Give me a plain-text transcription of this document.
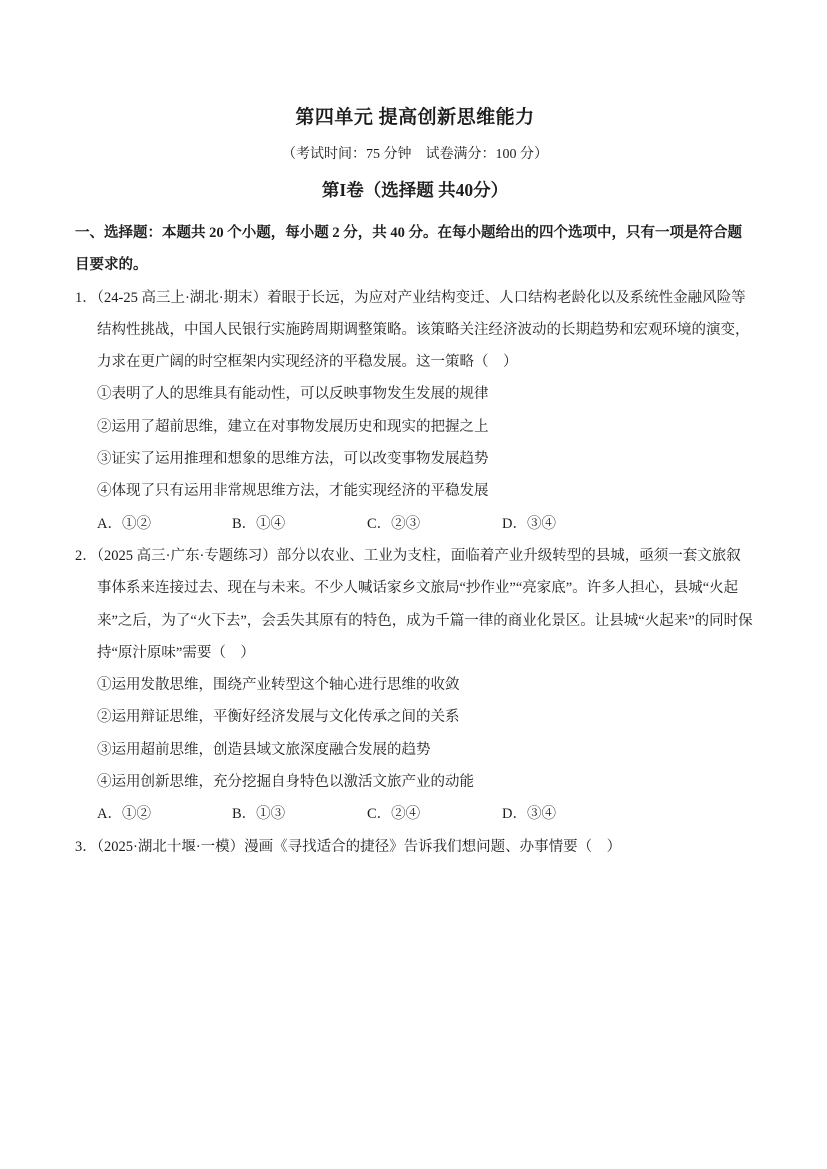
第四单元 提高创新思维能力

（考试时间：75 分钟　试卷满分：100 分）

第I卷（选择题 共40分）

一、选择题：本题共 20 个小题，每小题 2 分，共 40 分。在每小题给出的四个选项中，只有一项是符合题目要求的。

1．（24-25 高三上·湖北·期末）着眼于长远，为应对产业结构变迁、人口结构老龄化以及系统性金融风险等结构性挑战，中国人民银行实施跨周期调整策略。该策略关注经济波动的长期趋势和宏观环境的演变，力求在更广阔的时空框架内实现经济的平稳发展。这一策略（　）

①表明了人的思维具有能动性，可以反映事物发生发展的规律

②运用了超前思维，建立在对事物发展历史和现实的把握之上

③证实了运用推理和想象的思维方法，可以改变事物发展趋势

④体现了只有运用非常规思维方法，才能实现经济的平稳发展

A．①②	B．①④	C．②③	D．③④

2．（2025 高三·广东·专题练习）部分以农业、工业为支柱，面临着产业升级转型的县城，亟须一套文旅叙事体系来连接过去、现在与未来。不少人喊话家乡文旅局“抄作业”“亮家底”。许多人担心，县城“火起来”之后，为了“火下去”，会丢失其原有的特色，成为千篇一律的商业化景区。让县城“火起来”的同时保持“原汁原味”需要（　）

①运用发散思维，围绕产业转型这个轴心进行思维的收敛

②运用辩证思维，平衡好经济发展与文化传承之间的关系

③运用超前思维，创造县域文旅深度融合发展的趋势

④运用创新思维，充分挖掘自身特色以激活文旅产业的动能

A．①②	B．①③	C．②④	D．③④

3．（2025·湖北十堰·一模）漫画《寻找适合的捷径》告诉我们想问题、办事情要（　）
